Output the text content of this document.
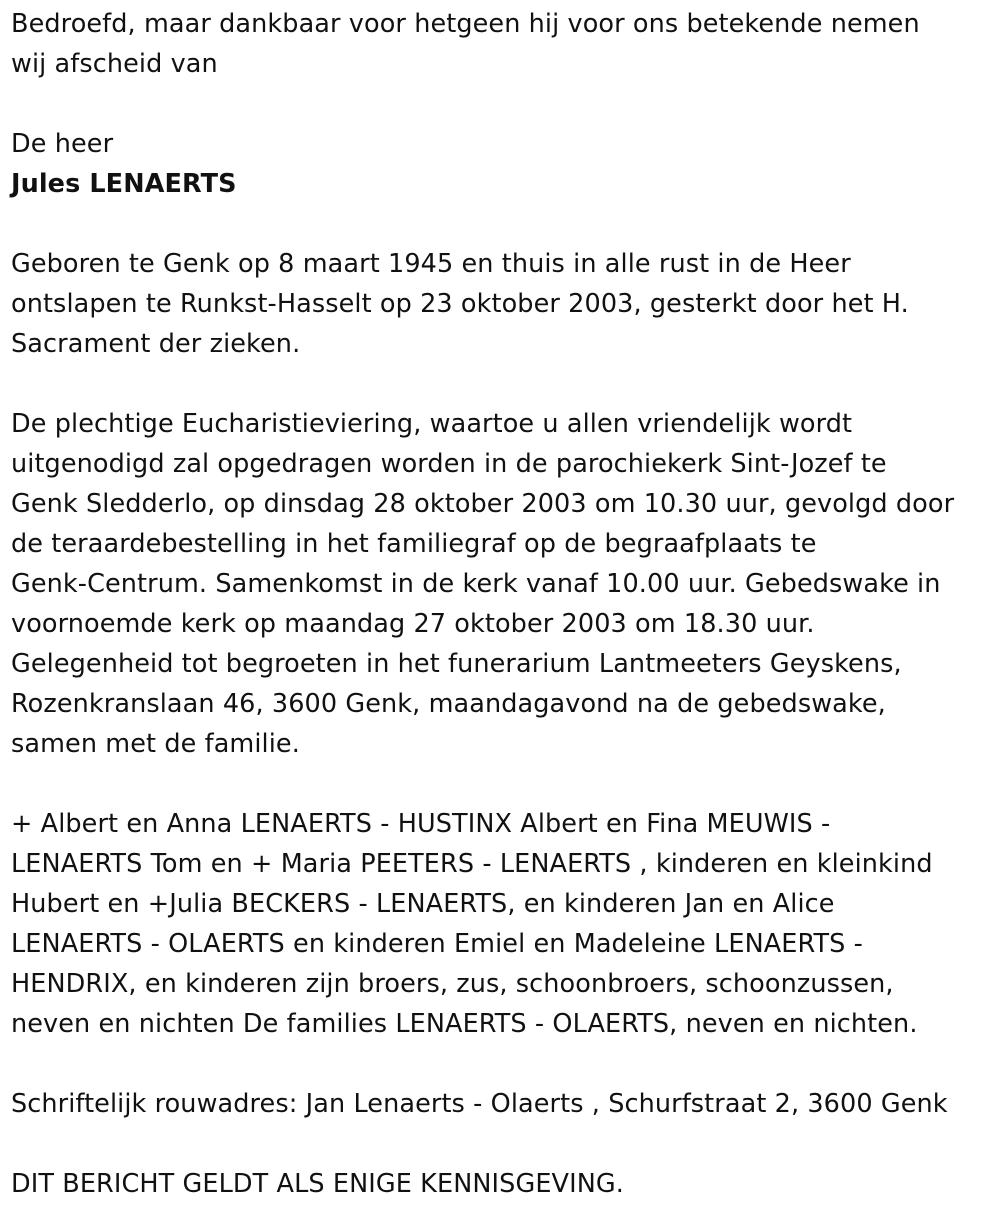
Bedroefd, maar dankbaar voor hetgeen hij voor ons betekende nemen
wij afscheid van

De heer

Jules LENAERTS

Geboren te Genk op 8 maart 1945 en thuis in alle rust in de Heer
ontslapen te Runkst-Hasselt op 23 oktober 2003, gesterkt door het H.
Sacrament der zieken.

De plechtige Eucharistieviering, waartoe u allen vriendelijk wordt
uitgenodigd zal opgedragen worden in de parochiekerk Sint-Jozef te
Genk Sledderlo, op dinsdag 28 oktober 2003 om 10.30 uur, gevolgd door
de teraardebestelling in het familiegraf op de begraafplaats te
Genk-Centrum. Samenkomst in de kerk vanaf 10.00 uur. Gebedswake in
voornoemde kerk op maandag 27 oktober 2003 om 18.30 uur.
Gelegenheid tot begroeten in het funerarium Lantmeeters Geyskens,
Rozenkranslaan 46, 3600 Genk, maandagavond na de gebedswake,
samen met de familie.

+ Albert en Anna LENAERTS - HUSTINX Albert en Fina MEUWIS -
LENAERTS Tom en + Maria PEETERS - LENAERTS , kinderen en kleinkind
Hubert en +Julia BECKERS - LENAERTS, en kinderen Jan en Alice
LENAERTS - OLAERTS en kinderen Emiel en Madeleine LENAERTS -
HENDRIX, en kinderen zijn broers, zus, schoonbroers, schoonzussen,
neven en nichten De families LENAERTS - OLAERTS, neven en nichten.

Schriftelijk rouwadres: Jan Lenaerts - Olaerts , Schurfstraat 2, 3600 Genk

DIT BERICHT GELDT ALS ENIGE KENNISGEVING.
